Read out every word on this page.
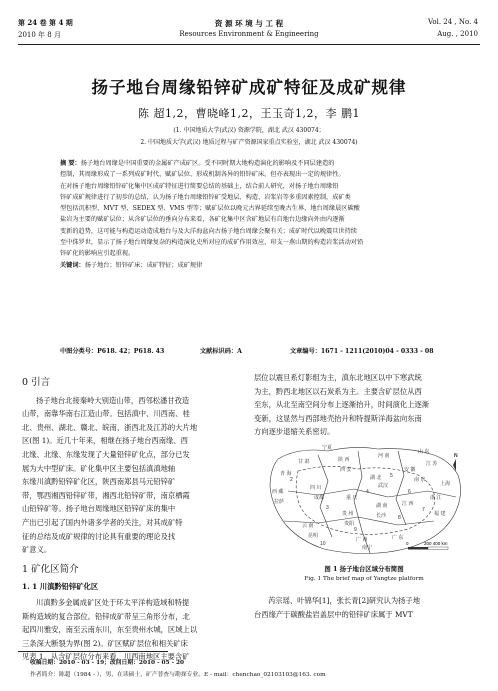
第 24 卷 第 4 期
2010 年 8 月
资 源 环 境 与 工 程
Resources Environment & Engineering
Vol. 24 , No. 4
Aug. , 2010
扬子地台周缘铅锌矿成矿特征及成矿规律
陈 超1,2，曹晓峰1,2，王玉奇1,2，李 鹏1
(1. 中国地质大学(武汉) 资源学院，湖北 武汉 430074；
2. 中国地质大学(武汉) 地质过程与矿产资源国家重点实验室，湖北 武汉 430074)

摘 要：扬子地台周缘是中国重要的金属矿产成矿区。受不同时期大地构造演化的影响及不同层建造的

控制，其周缘形成了一系列成矿时代、赋矿层位、形成机制各异的铅锌矿床。但亦表现出一定的规律性。

在对扬子地台周缘铅锌矿化集中区成矿特征进行简要总结的基础上，结合前人研究，对扬子地台周缘铅

锌矿成矿规律进行了初步的总结，认为扬子地台周缘铅锌矿受地层、构造、岩浆岩等多重因素控制，成矿类

型包括沉积型、MVT 型、SEDEX 型、VMS 型等；赋矿层位以晚元古界延续至晚古生界，地台周缘晨区碳酸

盐岩为主要的赋矿层位；从含矿层位的垂向分布来看，各矿化集中区含矿地层有自地台边缘向外由内逐渐

变新的趋势，这可能与构造运动造成地台与及大洋海盆向古扬子地台周缘会聚有关；成矿时代以晚震旦世持续

至中侏罗世，显示了扬子地台周缘复杂的构造演化史所对应的成矿作用效应，印支一燕山期的构造岩浆活动对铅

锌矿化的影响应引起重视。

关键词：扬子地台；铅锌矿床；成矿特征；成矿规律

中图分类号：P618. 42；P618. 43	文献标识码：A	文章编号：1671 - 1211(2010)04 - 0333 - 08
0 引言

扬子地台北接秦岭大别造山带，西邻松潘甘孜造

山带，南靠华南右江造山带。包括滇中、川西南、桂

北、贵州、湖北、赣北、皖南、浙西北及江苏的大片地

区(图 1)。近几十年来，相继在扬子地台西南缘、西

北缘、北缘、东缘发现了大量铅锌矿化点，部分已发

展为大中型矿床。矿化集中区主要包括滇滇地轴

东缘川滇黔铅锌矿化区，陕西南郑县马元铅锌矿

带，鄂西湘西铅锌矿带，湘西北铅锌矿带，南京栖霞

山铅锌矿等。扬子地台周缘地区铅锌矿床的集中

产出已引起了国内外诸多学者的关注，对其成矿特

征的总结及成矿规律的讨论具有重要的理论及找

矿意义。

1 矿化区简介
1. 1 川滇黔铅锌矿化区

川滇黔多金属成矿区处于环太平洋构造域和特提

斯构造域的复合部位。铅锌成矿带呈三角形分布，北

起四川雅安，南至云南东川，东至贵州水城，区域上以

三条深大断裂为界(图 2)。矿区赋矿层位和相关矿床

见表 1。从含矿层位分布来看，川西南地区主要含矿

层位以震旦系灯影组为主，滇东北地区以中下寒武统

为主，黔西北地区以石炭系为主。主要含矿层位从西

至东，从北至南空间分布上逐渐抬升，时间演化上逐渐

变新，这显然与西部地壳抬升和特提斯洋海盆向东南

方向逐步退缩关系密切。

陕 西
西 安
甘 肃
四 川
成都	重 庆
武汉
湖 北
安 徽
南 京
上海
江 苏
浙 江
江 西
湖 南
长沙
贵 州
贵阳
云 南
昆明
广 西
南宁
广 东
福 建
西 藏
拉萨
青 海
宁夏
山 东
河 南
2
3
4
5
6
7
8
9
10
N
0	200 400 km
图 1 扬子地台区域分布简图
Fig. 1 The brief map of Yangtze platform

芮宗瑶、叶锦华[1]，张长青[2]研究认为扬子地

台西缘产于碳酸盐岩盖层中的铅锌矿床属于 MVT

收稿日期：2010 - 03 - 19；改回日期：2010 - 05 - 20
作者简介：陈超（1984 - ），男，在读硕士，矿产普查与勘探专业。E - mail：chenchao_02103103@163. com
